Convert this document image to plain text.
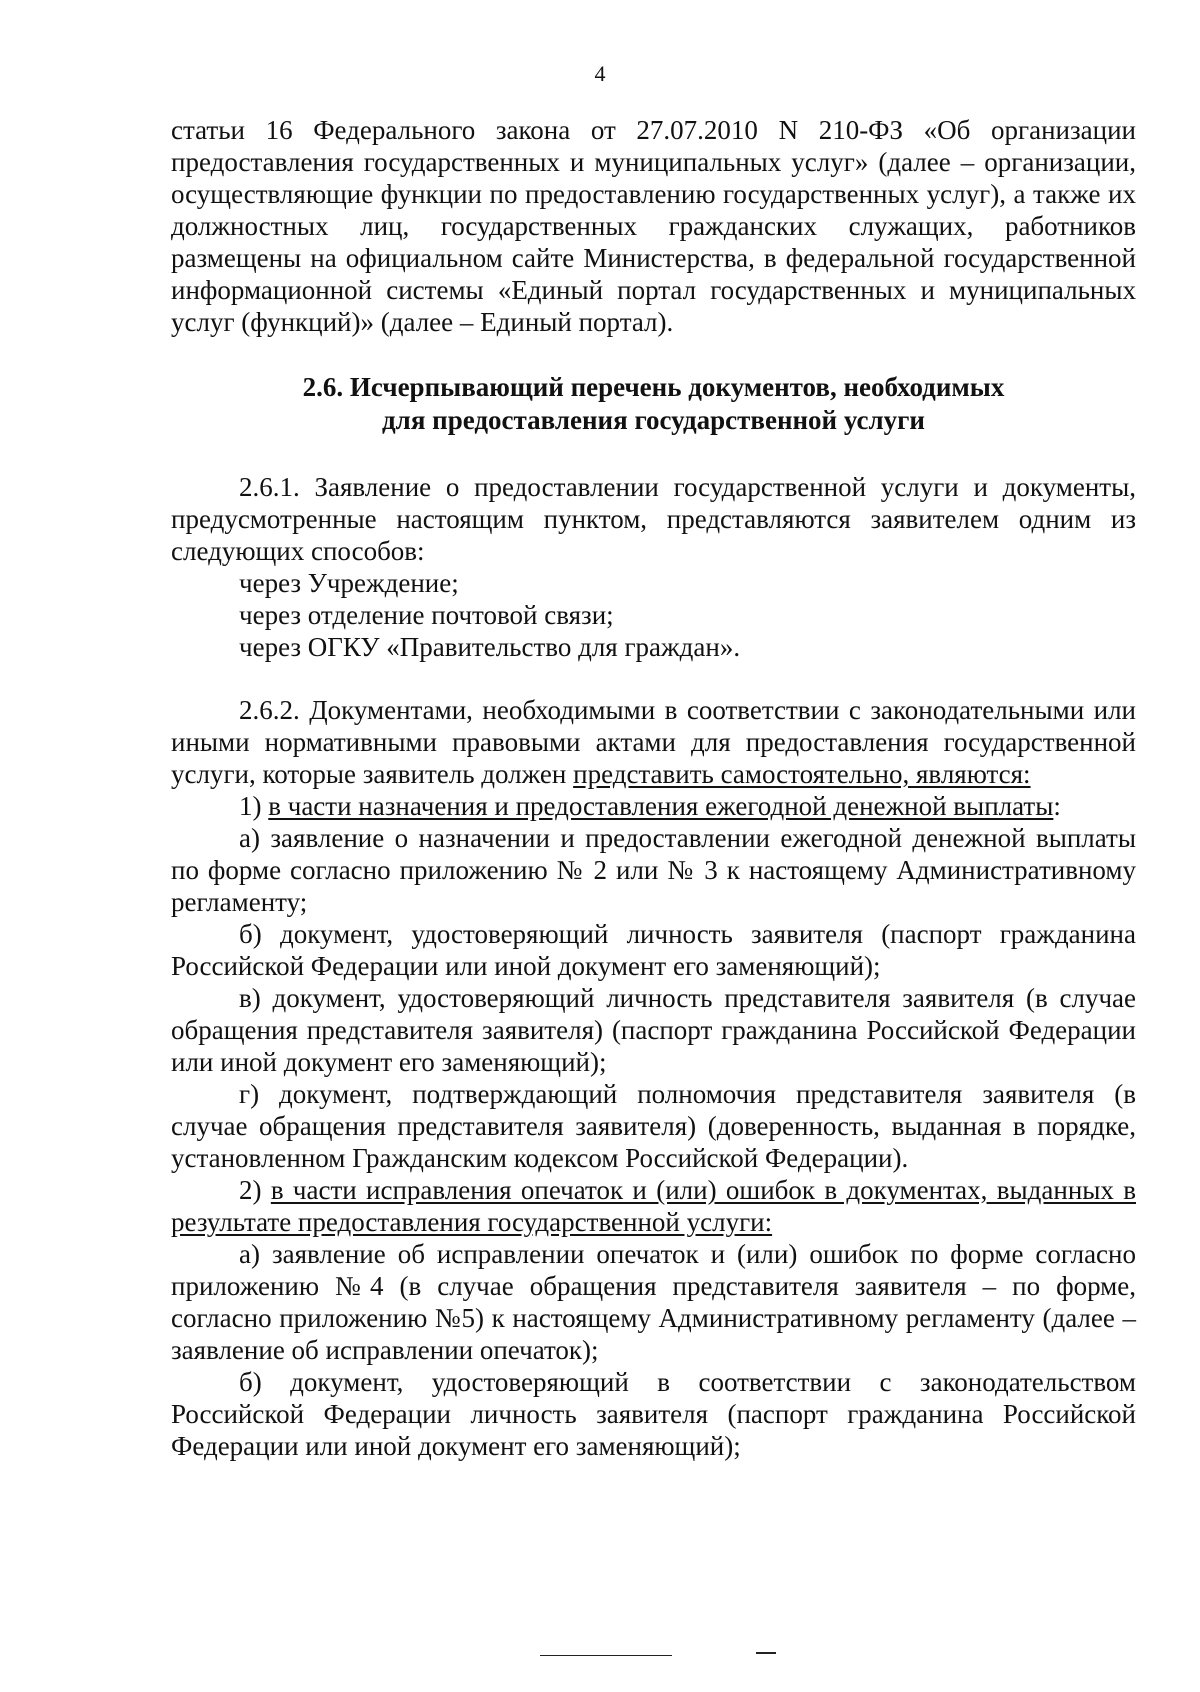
4

статьи 16 Федерального закона от 27.07.2010 N 210-ФЗ «Об организации предоставления государственных и муниципальных услуг» (далее – организации, осуществляющие функции по предоставлению государственных услуг), а также их должностных лиц, государственных гражданских служащих, работников размещены на официальном сайте Министерства, в федеральной государственной информационной системы «Единый портал государственных и муниципальных услуг (функций)» (далее – Единый портал).

2.6. Исчерпывающий перечень документов, необходимых
для предоставления государственной услуги

2.6.1. Заявление о предоставлении государственной услуги и документы, предусмотренные настоящим пунктом, представляются заявителем одним из следующих способов:

через Учреждение;

через отделение почтовой связи;

через ОГКУ «Правительство для граждан».

2.6.2. Документами, необходимыми в соответствии с законодательными или иными нормативными правовыми актами для предоставления государственной услуги, которые заявитель должен представить самостоятельно, являются:

1) в части назначения и предоставления ежегодной денежной выплаты:

а) заявление о назначении и предоставлении ежегодной денежной выплаты по форме согласно приложению № 2 или № 3 к настоящему Административному регламенту;

б) документ, удостоверяющий личность заявителя (паспорт гражданина Российской Федерации или иной документ его заменяющий);

в) документ, удостоверяющий личность представителя заявителя (в случае обращения представителя заявителя) (паспорт гражданина Российской Федерации или иной документ его заменяющий);

г) документ, подтверждающий полномочия представителя заявителя (в случае обращения представителя заявителя) (доверенность, выданная в порядке, установленном Гражданским кодексом Российской Федерации).

2) в части исправления опечаток и (или) ошибок в документах, выданных в результате предоставления государственной услуги:

а) заявление об исправлении опечаток и (или) ошибок по форме согласно приложению №4 (в случае обращения представителя заявителя – по форме, согласно приложению №5) к настоящему Административному регламенту (далее – заявление об исправлении опечаток);

б) документ, удостоверяющий в соответствии с законодательством Российской Федерации личность заявителя (паспорт гражданина Российской Федерации или иной документ его заменяющий);
